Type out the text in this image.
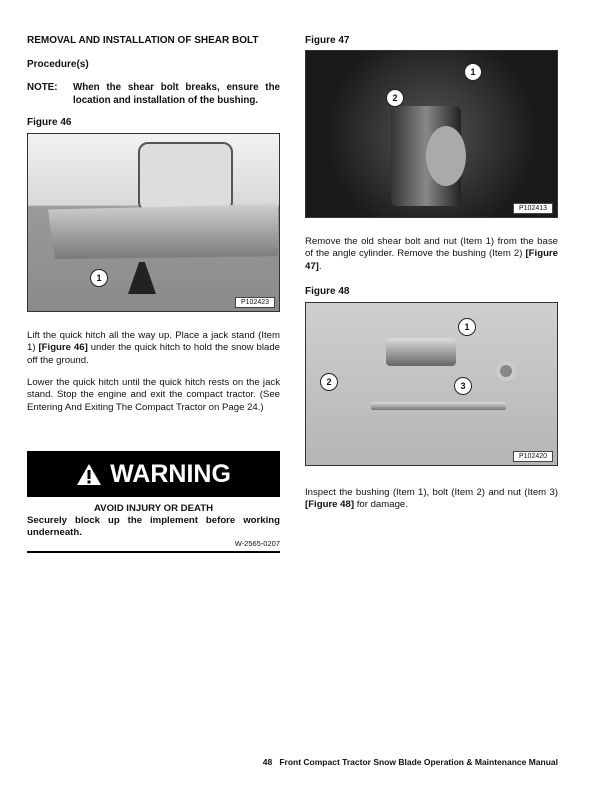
REMOVAL AND INSTALLATION OF SHEAR BOLT
Procedure(s)
NOTE: When the shear bolt breaks, ensure the location and installation of the bushing.
Figure 46
1
P102423
Lift the quick hitch all the way up. Place a jack stand (Item 1) [Figure 46] under the quick hitch to hold the snow blade off the ground.
Lower the quick hitch until the quick hitch rests on the jack stand. Stop the engine and exit the compact tractor. (See Entering And Exiting The Compact Tractor on Page 24.)
WARNING
AVOID INJURY OR DEATH
Securely block up the implement before working underneath.
W-2565-0207
Figure 47
1
2
P102413
Remove the old shear bolt and nut (Item 1) from the base of the angle cylinder. Remove the bushing (Item 2) [Figure 47].
Figure 48
1
2	3
P102420
Inspect the bushing (Item 1), bolt (Item 2) and nut (Item 3) [Figure 48] for damage.
48 Front Compact Tractor Snow Blade Operation & Maintenance Manual
